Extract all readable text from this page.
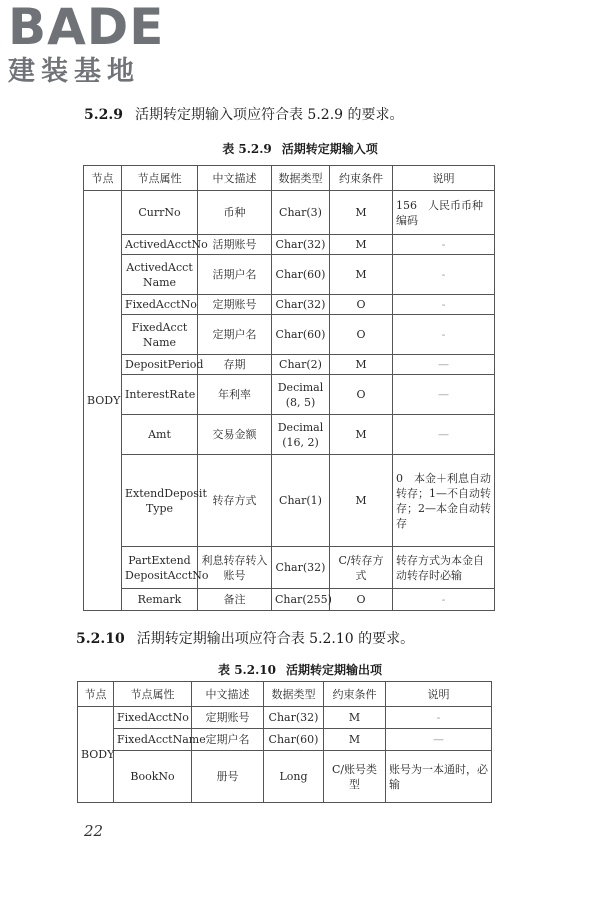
BADE
建装基地
5.2.9 活期转定期输入项应符合表 5.2.9 的要求。
表 5.2.9 活期转定期输入项
节点	节点属性	中文描述	数据类型	约束条件	说明
BODY	CurrNo	币种	Char(3)	M	156　人民币币种编码
	ActivedAcctNo	活期账号	Char(32)	M	-
	ActivedAcct Name	活期户名	Char(60)	M	-
	FixedAcctNo	定期账号	Char(32)	O	-
	FixedAcct Name	定期户名	Char(60)	O	-
	DepositPeriod	存期	Char(2)	M	—
	InterestRate	年利率	Decimal (8, 5)	O	—
	Amt	交易金额	Decimal (16, 2)	M	—
	ExtendDeposit Type	转存方式	Char(1)	M	0　本金＋利息自动转存；1—不自动转存；2—本金自动转存
	PartExtend DepositAcctNo	利息转存转入账号	Char(32)	C/转存方式	转存方式为本金自动转存时必输
	Remark	备注	Char(255)	O	-
5.2.10 活期转定期输出项应符合表 5.2.10 的要求。
表 5.2.10 活期转定期输出项
节点	节点属性	中文描述	数据类型	约束条件	说明
BODY	FixedAcctNo	定期账号	Char(32)	M	-
	FixedAcctName	定期户名	Char(60)	M	—
	BookNo	册号	Long	C/账号类型	账号为一本通时，必输
22
